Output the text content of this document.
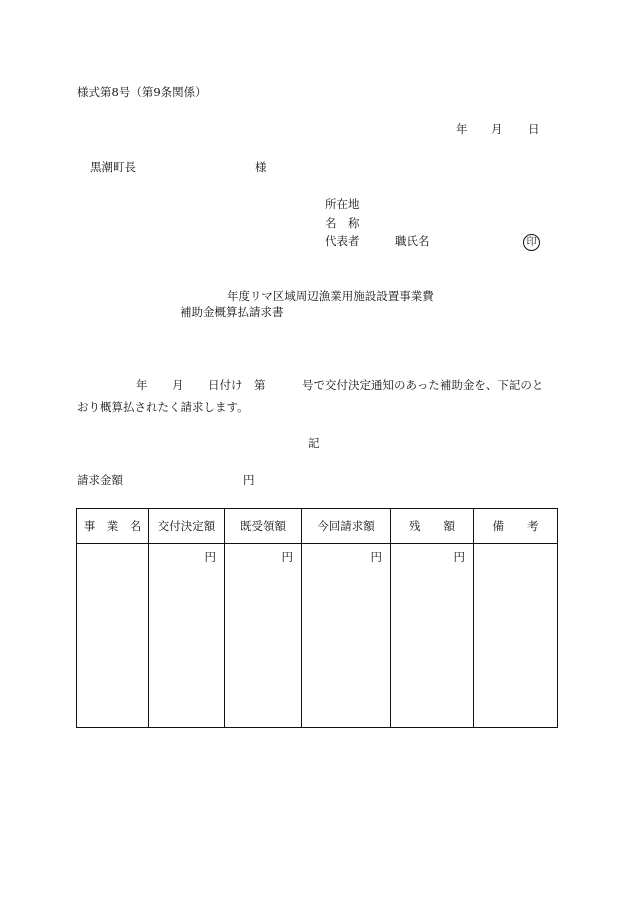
様式第8号（第9条関係）
年 月 日
黒潮町長	様
所在地
名　称
代表者	職氏名	印
年度リマ区域周辺漁業用施設設置事業費
補助金概算払請求書
年 月 日付け　第	号で交付決定通知のあった補助金を、下記のと
おり概算払されたく請求します。
記
請求金額	円
事　業　名	交付決定額	既受領額	今回請求額	残　　額	備　　考

	円	円	円	円	
